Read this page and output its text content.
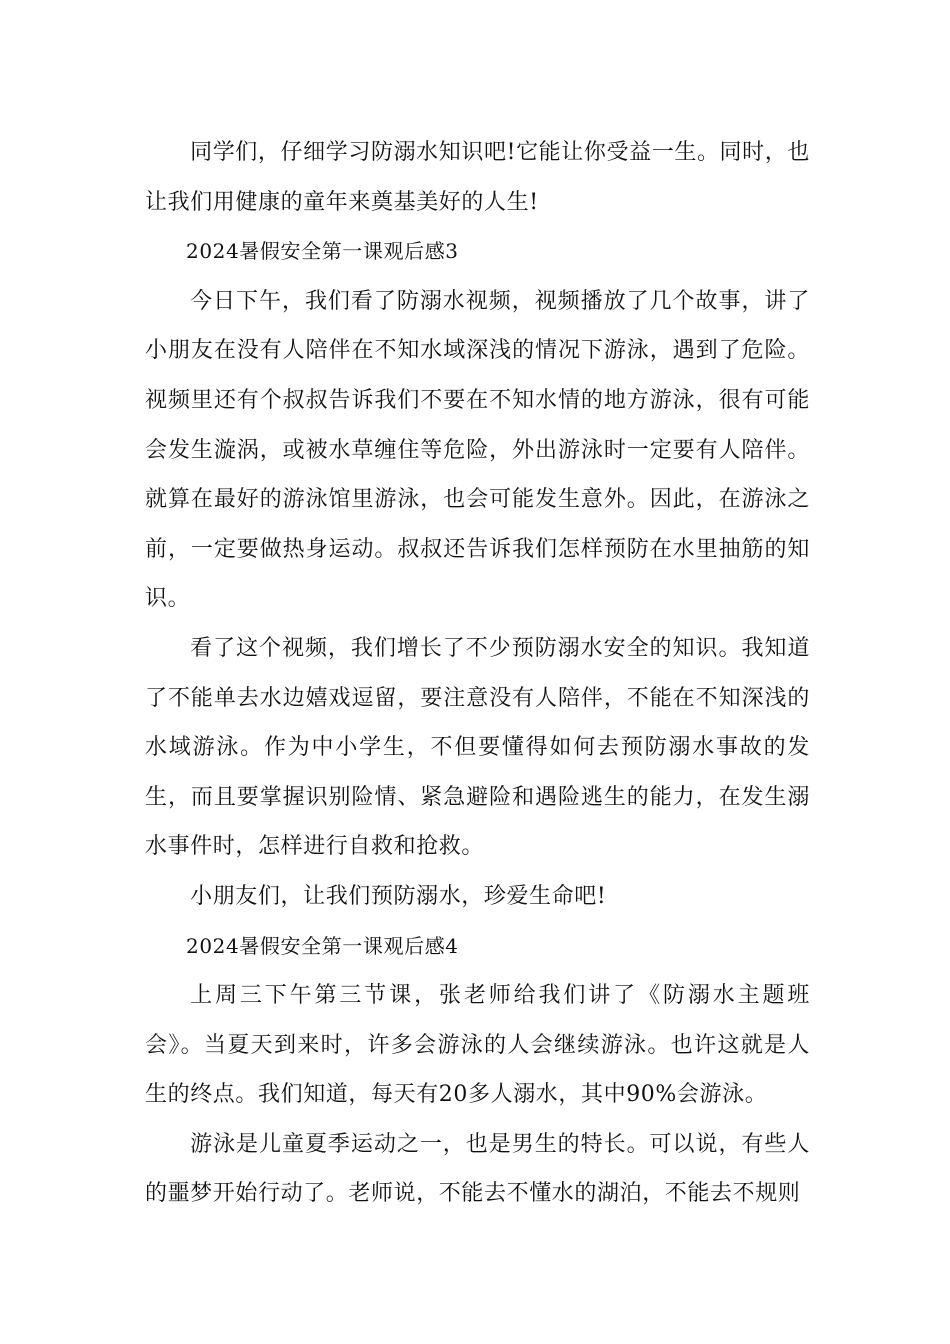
同学们，仔细学习防溺水知识吧!它能让你受益一生。同时，也让我们用健康的童年来奠基美好的人生!

2024暑假安全第一课观后感3

今日下午，我们看了防溺水视频，视频播放了几个故事，讲了小朋友在没有人陪伴在不知水域深浅的情况下游泳，遇到了危险。视频里还有个叔叔告诉我们不要在不知水情的地方游泳，很有可能会发生漩涡，或被水草缠住等危险，外出游泳时一定要有人陪伴。就算在最好的游泳馆里游泳，也会可能发生意外。因此，在游泳之前，一定要做热身运动。叔叔还告诉我们怎样预防在水里抽筋的知识。

看了这个视频，我们增长了不少预防溺水安全的知识。我知道了不能单去水边嬉戏逗留，要注意没有人陪伴，不能在不知深浅的水域游泳。作为中小学生，不但要懂得如何去预防溺水事故的发生，而且要掌握识别险情、紧急避险和遇险逃生的能力，在发生溺水事件时，怎样进行自救和抢救。

小朋友们，让我们预防溺水，珍爱生命吧!

2024暑假安全第一课观后感4

上周三下午第三节课，张老师给我们讲了《防溺水主题班会》。当夏天到来时，许多会游泳的人会继续游泳。也许这就是人生的终点。我们知道，每天有20多人溺水，其中90%会游泳。

游泳是儿童夏季运动之一，也是男生的特长。可以说，有些人的噩梦开始行动了。老师说，不能去不懂水的湖泊，不能去不规则
